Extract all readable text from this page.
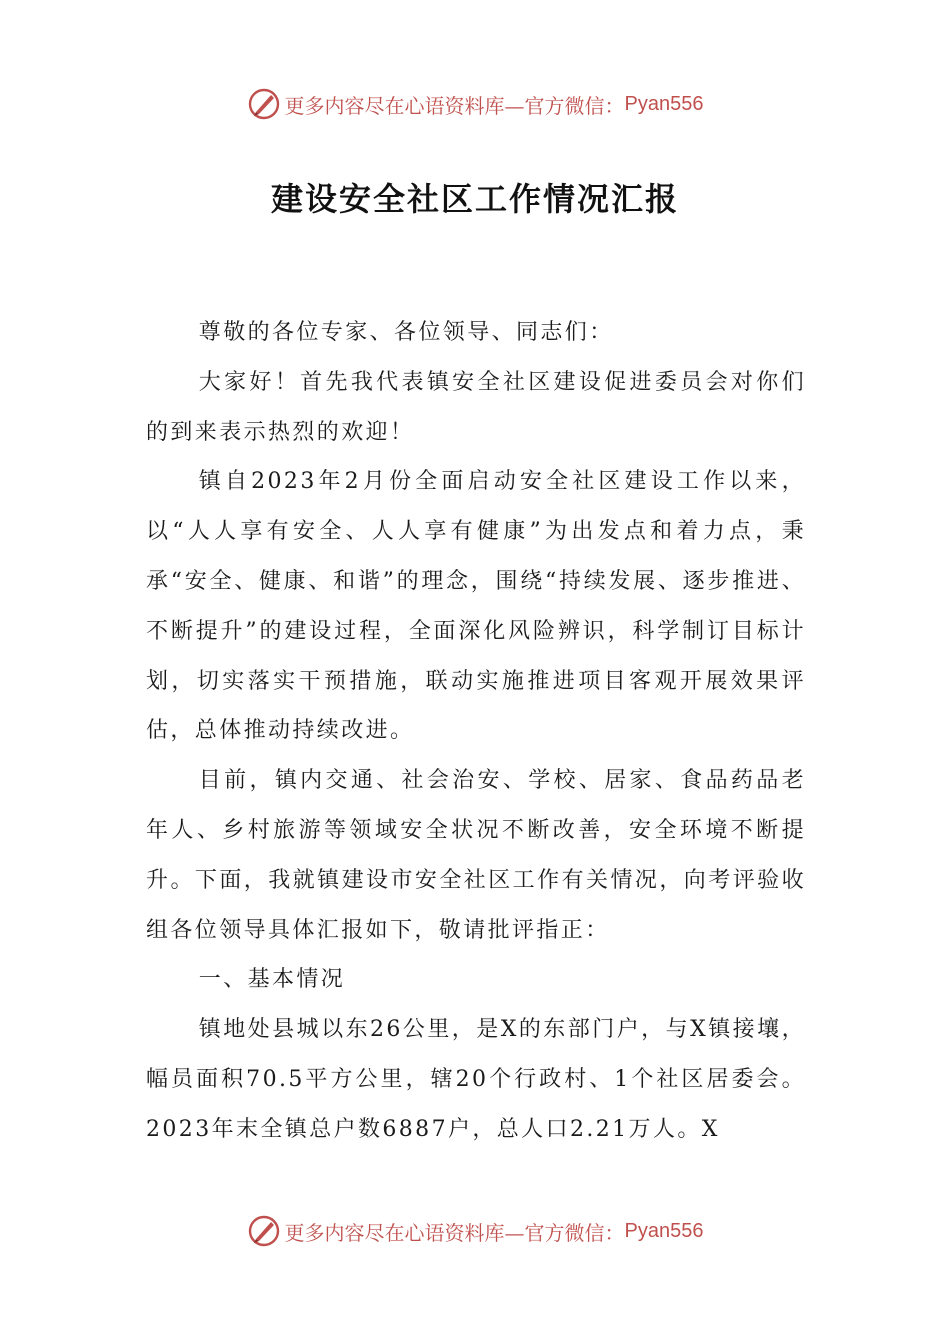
更多内容尽在心语资料库—官方微信： Pyan556
建设安全社区工作情况汇报

尊敬的各位专家、各位领导、同志们：

大家好！首先我代表镇安全社区建设促进委员会对你们的到来表示热烈的欢迎！

镇自2023年2月份全面启动安全社区建设工作以来，以“人人享有安全、人人享有健康”为出发点和着力点，秉承“安全、健康、和谐”的理念，围绕“持续发展、逐步推进、不断提升”的建设过程，全面深化风险辨识，科学制订目标计划，切实落实干预措施，联动实施推进项目客观开展效果评估，总体推动持续改进。

目前，镇内交通、社会治安、学校、居家、食品药品老年人、乡村旅游等领域安全状况不断改善，安全环境不断提升。下面，我就镇建设市安全社区工作有关情况，向考评验收组各位领导具体汇报如下，敬请批评指正：

一、基本情况

镇地处县城以东26公里，是X的东部门户，与X镇接壤，幅员面积70.5平方公里，辖20个行政村、1个社区居委会。2023年末全镇总户数6887户，总人口2.21万人。X

更多内容尽在心语资料库—官方微信： Pyan556
